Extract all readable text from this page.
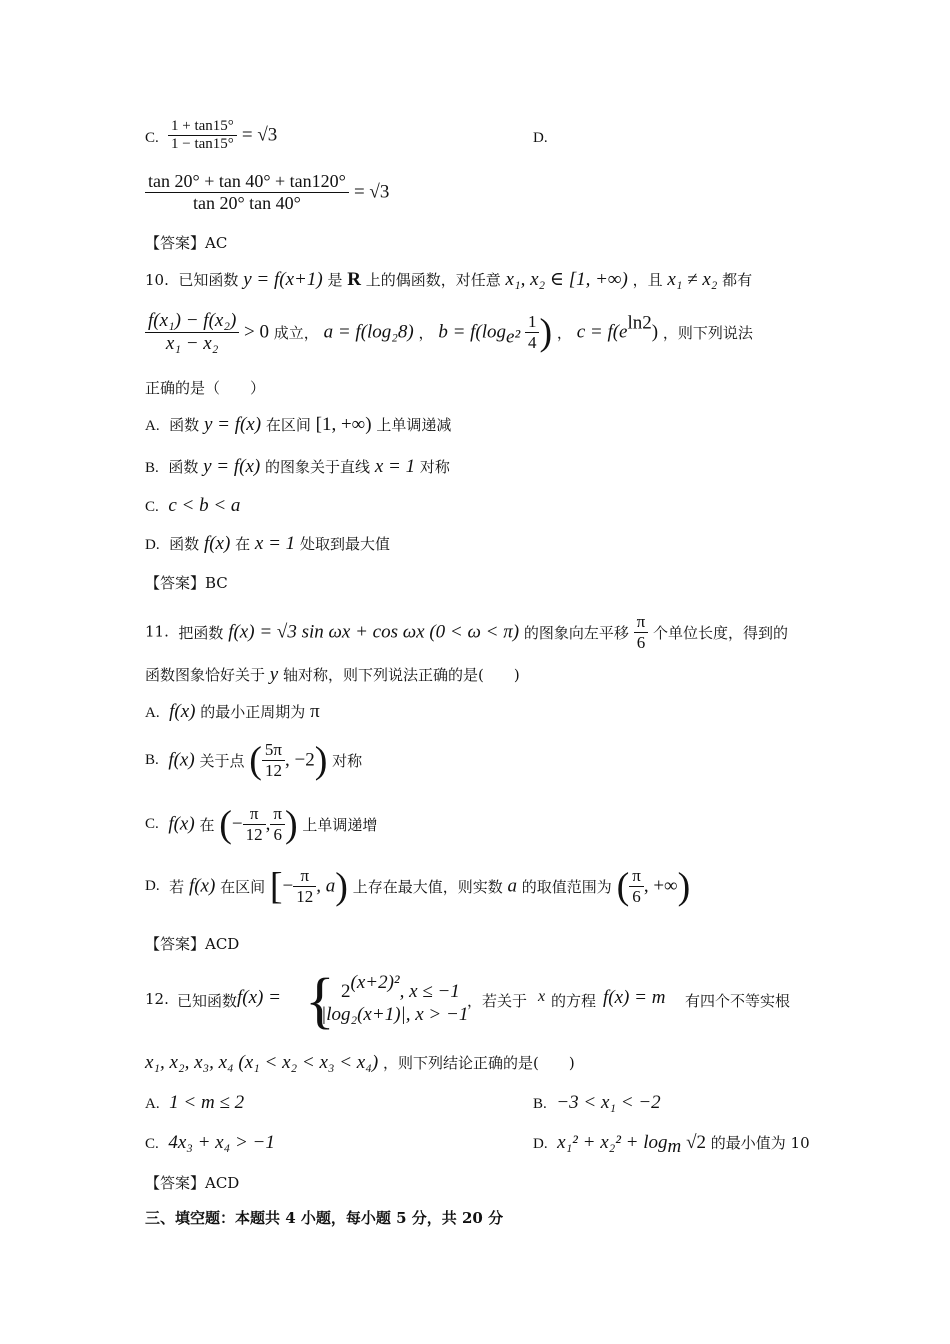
C. $\frac{1 + \tan 15^\circ}{1 - \tan 15^\circ} = √3$	D.
$\frac{\tan 20^\circ + \tan 40^\circ + \tan 120^\circ}{\tan 20^\circ \tan 40^\circ} = √3$
【答案】AC
10. 已知函数 y = f(x+1) 是 R 上的偶函数，对任意 x₁, x₂ ∈ [1, +∞) ，且 x₁ ≠ x₂ 都有
$\frac{\text{f(x₁) − f(x₂)}}{\text{x₁ − x₂}} > 0$ 成立， a = f(log₂8) ， $b = f(\log_{e^2} \frac{1}{4}$ ) ， $c = f(e^{ln2})$ ，则下列说法
正确的是（　　）
A. 函数 y = f(x) 在区间 [1, +∞) 上单调递减
B. 函数 y = f(x) 的图象关于直线 x = 1 对称
C. c < b < a
D. 函数 f(x) 在 x = 1 处取到最大值
【答案】BC
11. 把函数 f(x) = √3 sin ωx + cos ωx (0 < ω < π) 的图象向左平移 $\frac{\pi}{6}$ 个单位长度，得到的
函数图象恰好关于 y 轴对称，则下列说法正确的是(　　)
A. f(x) 的最小正周期为 π
B. f(x) 关于点 ( $\frac{5\pi}{12}$ , −2) 对称
C. f(x) 在 (− $\frac{\pi}{12}$ , $\frac{\pi}{6}$ ) 上单调递增
D. 若 f(x) 在区间 [− $\frac{\pi}{12}$ , a) 上存在最大值，则实数 a 的取值范围为 ( $\frac{\pi}{6}$ , +∞)
【答案】ACD
12. 已知函数 f(x) = { $2^{(x+2)^2}$, x ≤ −1
|log₂(x+1)|, x > −1
，若关于 x 的方程 f(x) = m 有四个不等实根
x₁, x₂, x₃, x₄ (x₁ < x₂ < x₃ < x₄) ，则下列结论正确的是(　　)
A. 1 < m ≤ 2	B. −3 < x₁ < −2
C. 4x₃ + x₄ > −1	D. $x_1^2 + x_2^2 + \log_m √2$ 的最小值为 10
【答案】ACD
三、填空题：本题共 4 小题，每小题 5 分，共 20 分
